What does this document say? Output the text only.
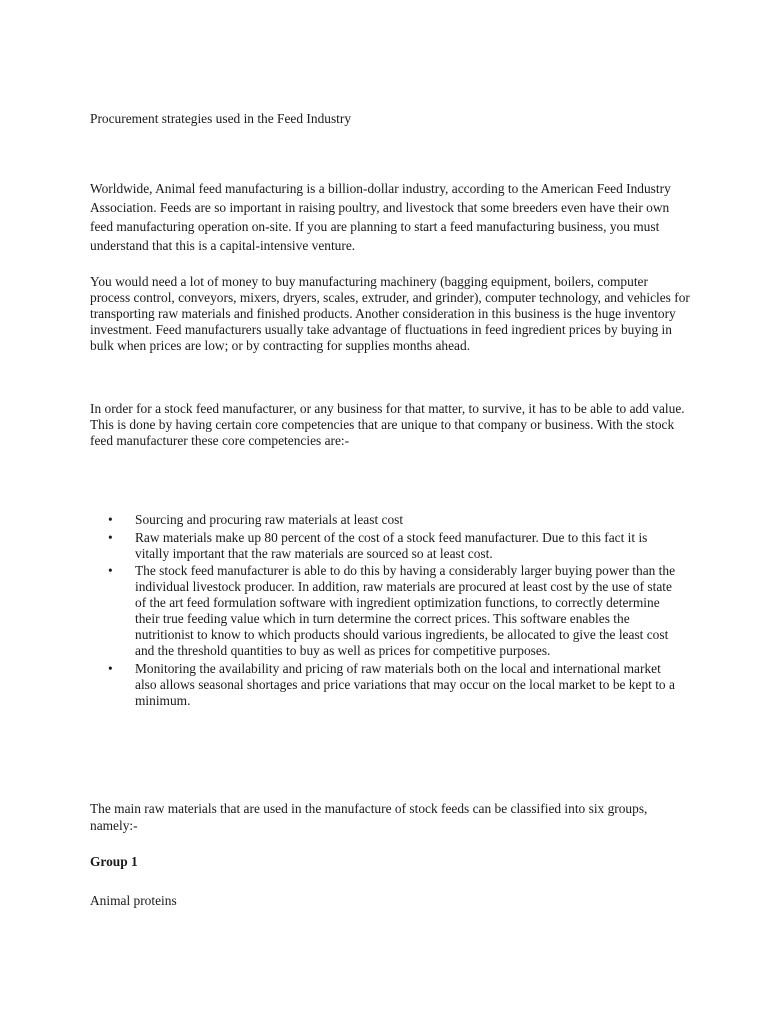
Procurement strategies used in the Feed Industry

Worldwide, Animal feed manufacturing is a billion-dollar industry, according to the American Feed Industry Association. Feeds are so important in raising poultry, and livestock that some breeders even have their own feed manufacturing operation on-site. If you are planning to start a feed manufacturing business, you must understand that this is a capital-intensive venture.

You would need a lot of money to buy manufacturing machinery (bagging equipment, boilers, computer process control, conveyors, mixers, dryers, scales, extruder, and grinder), computer technology, and vehicles for transporting raw materials and finished products. Another consideration in this business is the huge inventory investment. Feed manufacturers usually take advantage of fluctuations in feed ingredient prices by buying in bulk when prices are low; or by contracting for supplies months ahead.

In order for a stock feed manufacturer, or any business for that matter, to survive, it has to be able to add value. This is done by having certain core competencies that are unique to that company or business. With the stock feed manufacturer these core competencies are:-

•	Sourcing and procuring raw materials at least cost
•	Raw materials make up 80 percent of the cost of a stock feed manufacturer. Due to this fact it is vitally important that the raw materials are sourced so at least cost.
•	The stock feed manufacturer is able to do this by having a considerably larger buying power than the individual livestock producer. In addition, raw materials are procured at least cost by the use of state of the art feed formulation software with ingredient optimization functions, to correctly determine their true feeding value which in turn determine the correct prices. This software enables the nutritionist to know to which products should various ingredients, be allocated to give the least cost and the threshold quantities to buy as well as prices for competitive purposes.
•	Monitoring the availability and pricing of raw materials both on the local and international market also allows seasonal shortages and price variations that may occur on the local market to be kept to a minimum.

The main raw materials that are used in the manufacture of stock feeds can be classified into six groups, namely:-

Group 1

Animal proteins
